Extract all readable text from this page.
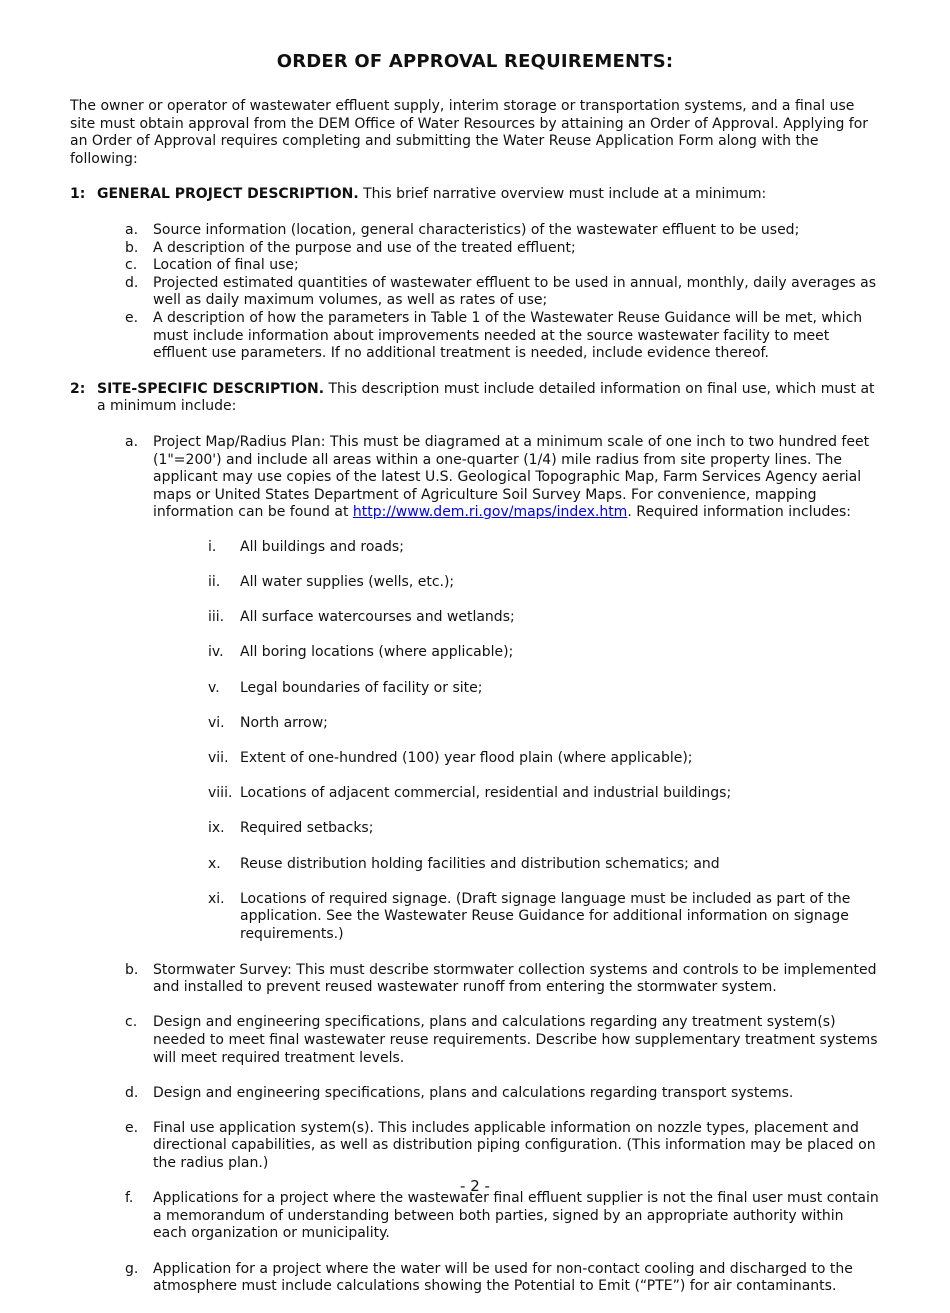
ORDER OF APPROVAL REQUIREMENTS:

The owner or operator of wastewater effluent supply, interim storage or transportation systems, and a final use site must obtain approval from the DEM Office of Water Resources by attaining an Order of Approval. Applying for an Order of Approval requires completing and submitting the Water Reuse Application Form along with the following:

1: GENERAL PROJECT DESCRIPTION. This brief narrative overview must include at a minimum:
a.	Source information (location, general characteristics) of the wastewater effluent to be used;
b.	A description of the purpose and use of the treated effluent;
c.	Location of final use;
d.	Projected estimated quantities of wastewater effluent to be used in annual, monthly, daily averages as well as daily maximum volumes, as well as rates of use;
e.	A description of how the parameters in Table 1 of the Wastewater Reuse Guidance will be met, which must include information about improvements needed at the source wastewater facility to meet effluent use parameters. If no additional treatment is needed, include evidence thereof.
2: SITE-SPECIFIC DESCRIPTION. This description must include detailed information on final use, which must at a minimum include:
a.	Project Map/Radius Plan: This must be diagramed at a minimum scale of one inch to two hundred feet (1"=200') and include all areas within a one-quarter (1/4) mile radius from site property lines. The applicant may use copies of the latest U.S. Geological Topographic Map, Farm Services Agency aerial maps or United States Department of Agriculture Soil Survey Maps. For convenience, mapping information can be found at http://www.dem.ri.gov/maps/index.htm. Required information includes:
i.	All buildings and roads;
ii.	All water supplies (wells, etc.);
iii.	All surface watercourses and wetlands;
iv.	All boring locations (where applicable);
v.	Legal boundaries of facility or site;
vi.	North arrow;
vii. Extent of one-hundred (100) year flood plain (where applicable);
viii. Locations of adjacent commercial, residential and industrial buildings;
ix.	Required setbacks;
x.	Reuse distribution holding facilities and distribution schematics; and
xi.	Locations of required signage. (Draft signage language must be included as part of the application. See the Wastewater Reuse Guidance for additional information on signage requirements.)
b.	Stormwater Survey: This must describe stormwater collection systems and controls to be implemented and installed to prevent reused wastewater runoff from entering the stormwater system.
c.	Design and engineering specifications, plans and calculations regarding any treatment system(s) needed to meet final wastewater reuse requirements. Describe how supplementary treatment systems will meet required treatment levels.
d.	Design and engineering specifications, plans and calculations regarding transport systems.
e.	Final use application system(s). This includes applicable information on nozzle types, placement and directional capabilities, as well as distribution piping configuration. (This information may be placed on the radius plan.)
f.	Applications for a project where the wastewater final effluent supplier is not the final user must contain a memorandum of understanding between both parties, signed by an appropriate authority within each organization or municipality.
g.	Application for a project where the water will be used for non-contact cooling and discharged to the atmosphere must include calculations showing the Potential to Emit (“PTE”) for air contaminants.
- 2 -
